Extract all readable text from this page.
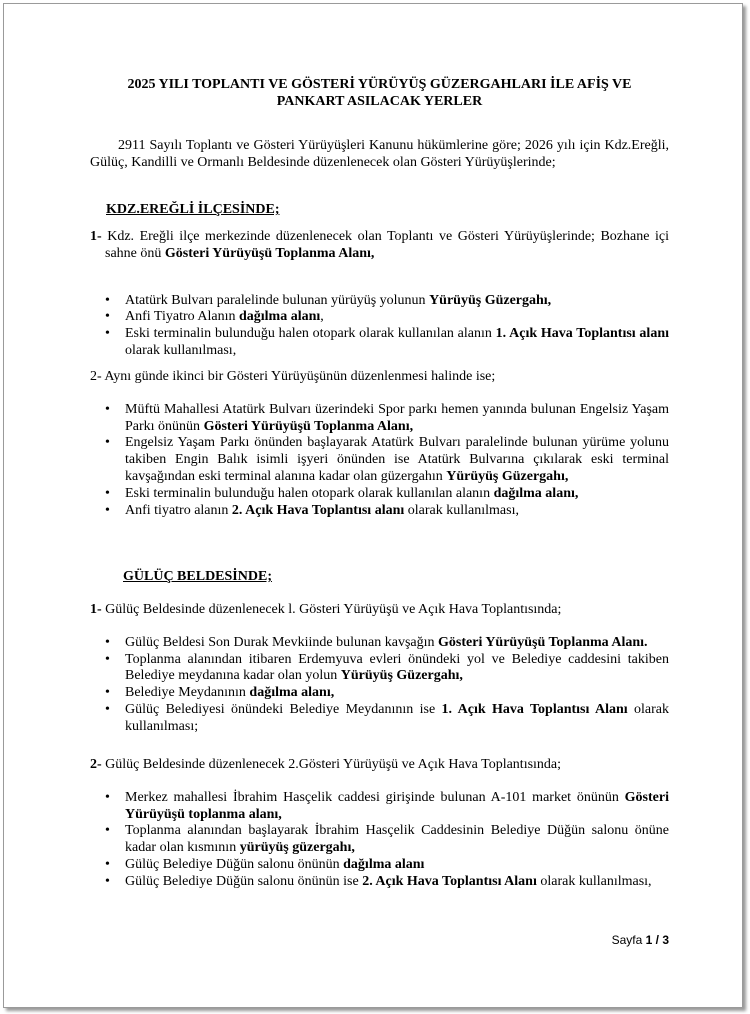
2025 YILI TOPLANTI VE GÖSTERİ YÜRÜYÜŞ GÜZERGAHLARI İLE AFİŞ VE
PANKART ASILACAK YERLER
2911 Sayılı Toplantı ve Gösteri Yürüyüşleri Kanunu hükümlerine göre; 2026 yılı için Kdz.Ereğli, Gülüç, Kandilli ve Ormanlı Beldesinde düzenlenecek olan Gösteri Yürüyüşlerinde;
KDZ.EREĞLİ İLÇESİNDE;
1- Kdz. Ereğli ilçe merkezinde düzenlenecek olan Toplantı ve Gösteri Yürüyüşlerinde; Bozhane içi sahne önü Gösteri Yürüyüşü Toplanma Alanı,
• Atatürk Bulvarı paralelinde bulunan yürüyüş yolunun Yürüyüş Güzergahı,
• Anfi Tiyatro Alanın dağılma alanı,
• Eski terminalin bulunduğu halen otopark olarak kullanılan alanın 1. Açık Hava Toplantısı alanı olarak kullanılması,
2- Aynı günde ikinci bir Gösteri Yürüyüşünün düzenlenmesi halinde ise;
• Müftü Mahallesi Atatürk Bulvarı üzerindeki Spor parkı hemen yanında bulunan Engelsiz Yaşam Parkı önünün Gösteri Yürüyüşü Toplanma Alanı,
• Engelsiz Yaşam Parkı önünden başlayarak Atatürk Bulvarı paralelinde bulunan yürüme yolunu takiben Engin Balık isimli işyeri önünden ise Atatürk Bulvarına çıkılarak eski terminal kavşağından eski terminal alanına kadar olan güzergahın Yürüyüş Güzergahı,
• Eski terminalin bulunduğu halen otopark olarak kullanılan alanın dağılma alanı,
• Anfi tiyatro alanın 2. Açık Hava Toplantısı alanı olarak kullanılması,
GÜLÜÇ BELDESİNDE;
1- Gülüç Beldesinde düzenlenecek l. Gösteri Yürüyüşü ve Açık Hava Toplantısında;
• Gülüç Beldesi Son Durak Mevkiinde bulunan kavşağın Gösteri Yürüyüşü Toplanma Alanı.
• Toplanma alanından itibaren Erdemyuva evleri önündeki yol ve Belediye caddesini takiben Belediye meydanına kadar olan yolun Yürüyüş Güzergahı,
• Belediye Meydanının dağılma alanı,
• Gülüç Belediyesi önündeki Belediye Meydanının ise 1. Açık Hava Toplantısı Alanı olarak kullanılması;
2- Gülüç Beldesinde düzenlenecek 2.Gösteri Yürüyüşü ve Açık Hava Toplantısında;
• Merkez mahallesi İbrahim Hasçelik caddesi girişinde bulunan A-101 market önünün Gösteri Yürüyüşü toplanma alanı,
• Toplanma alanından başlayarak İbrahim Hasçelik Caddesinin Belediye Düğün salonu önüne kadar olan kısmının yürüyüş güzergahı,
• Gülüç Belediye Düğün salonu önünün dağılma alanı
• Gülüç Belediye Düğün salonu önünün ise 2. Açık Hava Toplantısı Alanı olarak kullanılması,
Sayfa 1 / 3
